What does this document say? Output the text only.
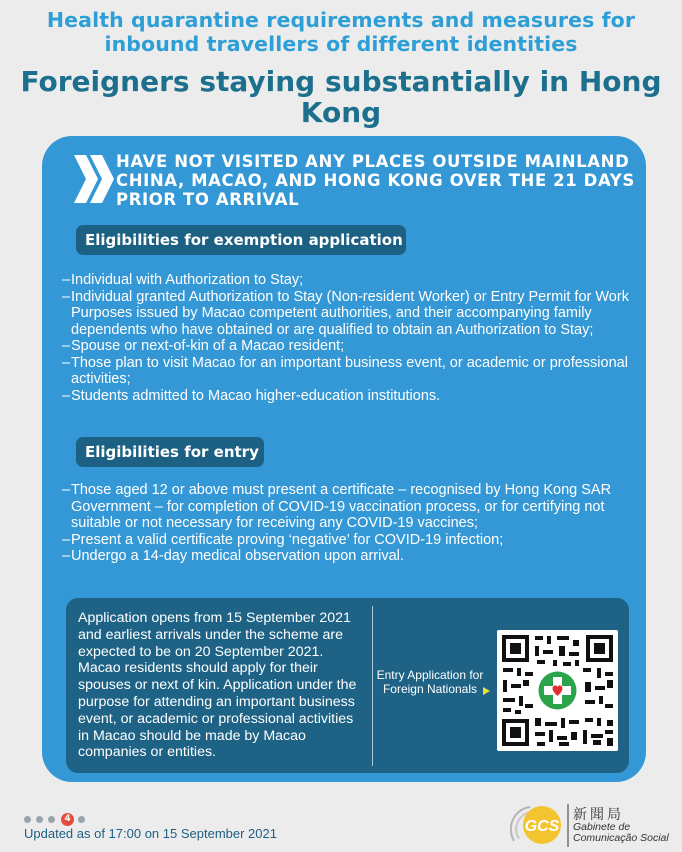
Health quarantine requirements and measures for inbound travellers of different identities
Foreigners staying substantially in Hong Kong
HAVE NOT VISITED ANY PLACES OUTSIDE MAINLAND CHINA, MACAO, AND HONG KONG OVER THE 21 DAYS PRIOR TO ARRIVAL
Eligibilities for exemption application
– Individual with Authorization to Stay;
– Individual granted Authorization to Stay (Non-resident Worker) or Entry Permit for Work Purposes issued by Macao competent authorities, and their accompanying family dependents who have obtained or are qualified to obtain an Authorization to Stay;
– Spouse or next-of-kin of a Macao resident;
– Those plan to visit Macao for an important business event, or academic or professional activities;
– Students admitted to Macao higher-education institutions.
Eligibilities for entry
– Those aged 12 or above must present a certificate – recognised by Hong Kong SAR Government – for completion of COVID-19 vaccination process, or for certifying not suitable or not necessary for receiving any COVID-19 vaccines;
– Present a valid certificate proving ‘negative’ for COVID-19 infection;
– Undergo a 14-day medical observation upon arrival.
Application opens from 15 September 2021 and earliest arrivals under the scheme are expected to be on 20 September 2021. Macao residents should apply for their spouses or next of kin. Application under the purpose for attending an important business event, or academic or professional activities in Macao should be made by Macao companies or entities.
Entry Application for Foreign Nationals
4
Updated as of 17:00 on 15 September 2021	GCS
新聞局
Gabinete de
Comunicação Social
